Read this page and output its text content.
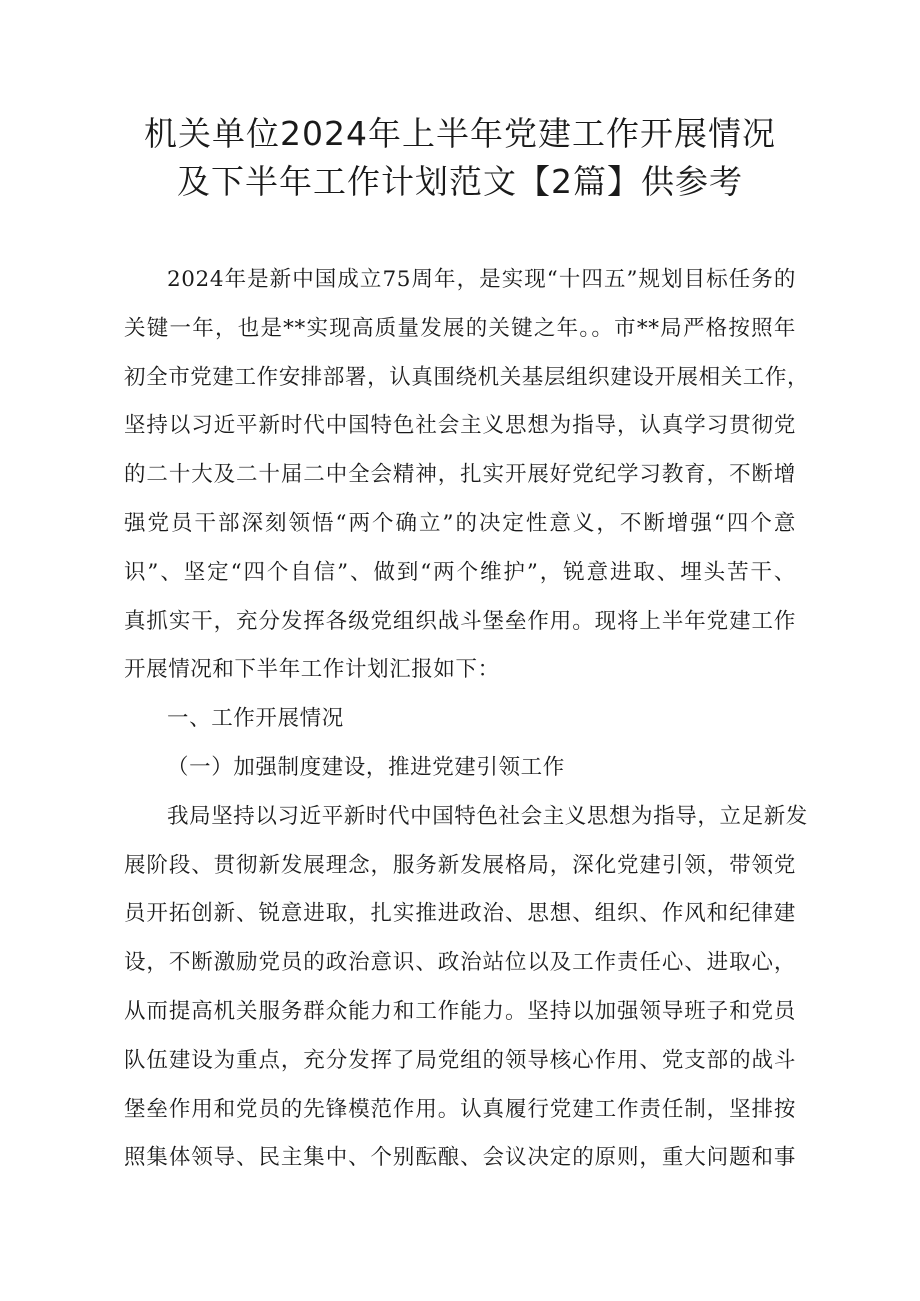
机关单位2024年上半年党建工作开展情况
及下半年工作计划范文【2篇】供参考
2024年是新中国成立75周年，是实现“十四五”规划目标任务的
关键一年，也是**实现高质量发展的关键之年。。市**局严格按照年
初全市党建工作安排部署，认真围绕机关基层组织建设开展相关工作，
坚持以习近平新时代中国特色社会主义思想为指导，认真学习贯彻党
的二十大及二十届二中全会精神，扎实开展好党纪学习教育，不断增
强党员干部深刻领悟“两个确立”的决定性意义，不断增强“四个意
识”、坚定“四个自信”、做到“两个维护”，锐意进取、埋头苦干、
真抓实干，充分发挥各级党组织战斗堡垒作用。现将上半年党建工作
开展情况和下半年工作计划汇报如下：
一、工作开展情况
（一）加强制度建设，推进党建引领工作
我局坚持以习近平新时代中国特色社会主义思想为指导，立足新发
展阶段、贯彻新发展理念，服务新发展格局，深化党建引领，带领党
员开拓创新、锐意进取，扎实推进政治、思想、组织、作风和纪律建
设，不断激励党员的政治意识、政治站位以及工作责任心、进取心，
从而提高机关服务群众能力和工作能力。坚持以加强领导班子和党员
队伍建设为重点，充分发挥了局党组的领导核心作用、党支部的战斗
堡垒作用和党员的先锋模范作用。认真履行党建工作责任制，坚排按
照集体领导、民主集中、个别酝酿、会议决定的原则，重大问题和事
